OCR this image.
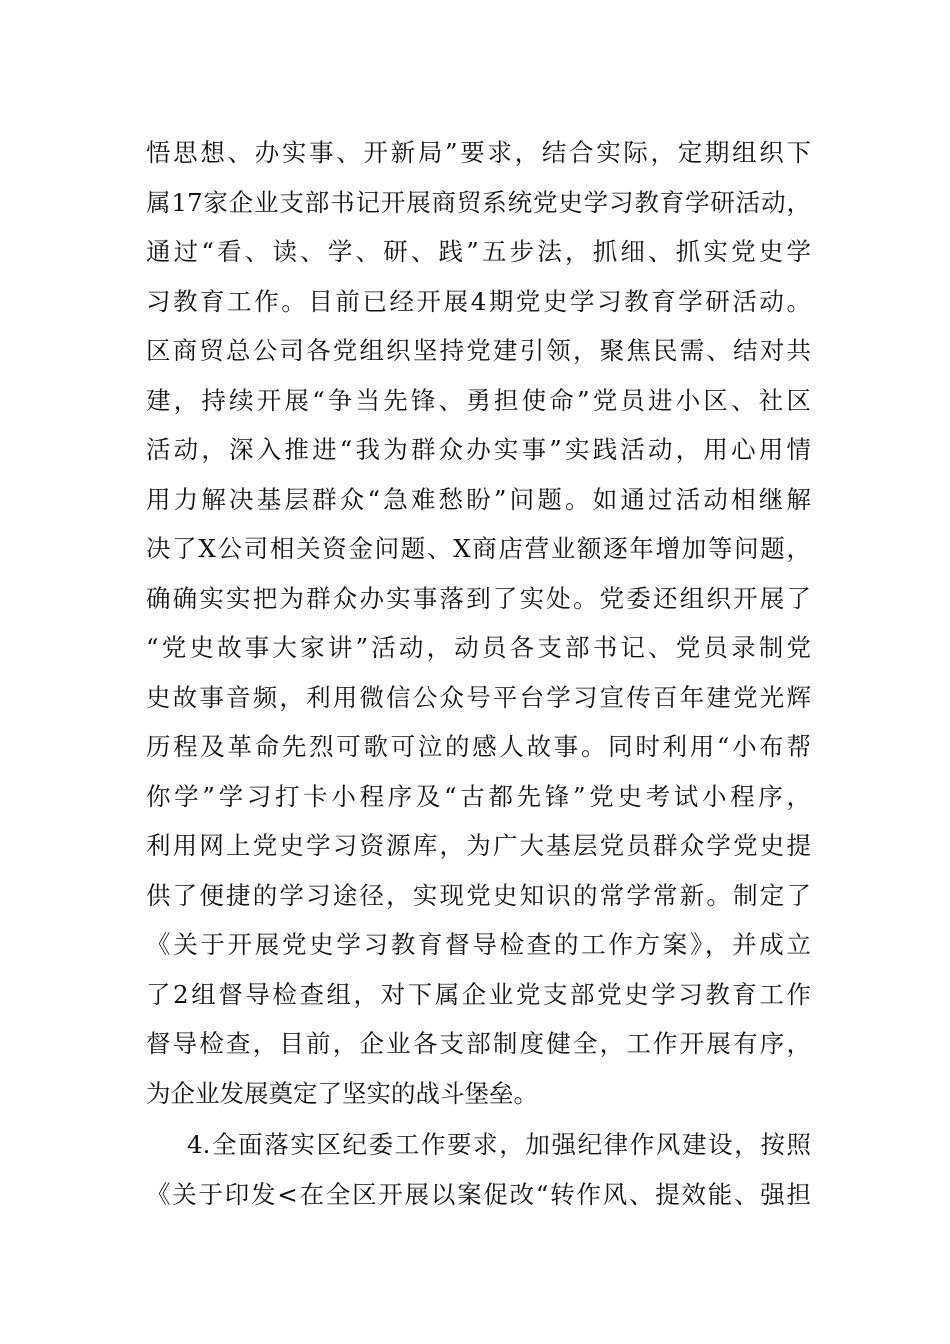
悟思想、办实事、开新局”要求，结合实际，定期组织下
属17家企业支部书记开展商贸系统党史学习教育学研活动，
通过“看、读、学、研、践”五步法，抓细、抓实党史学
习教育工作。目前已经开展4期党史学习教育学研活动。
区商贸总公司各党组织坚持党建引领，聚焦民需、结对共
建，持续开展“争当先锋、勇担使命”党员进小区、社区
活动，深入推进“我为群众办实事”实践活动，用心用情
用力解决基层群众“急难愁盼”问题。如通过活动相继解
决了X公司相关资金问题、X商店营业额逐年增加等问题，
确确实实把为群众办实事落到了实处。党委还组织开展了
“党史故事大家讲”活动，动员各支部书记、党员录制党
史故事音频，利用微信公众号平台学习宣传百年建党光辉
历程及革命先烈可歌可泣的感人故事。同时利用“小布帮
你学”学习打卡小程序及“古都先锋”党史考试小程序，
利用网上党史学习资源库，为广大基层党员群众学党史提
供了便捷的学习途径，实现党史知识的常学常新。制定了
《关于开展党史学习教育督导检查的工作方案》，并成立
了2组督导检查组，对下属企业党支部党史学习教育工作
督导检查，目前，企业各支部制度健全，工作开展有序，
为企业发展奠定了坚实的战斗堡垒。
4.全面落实区纪委工作要求，加强纪律作风建设，按照
《关于印发<在全区开展以案促改“转作风、提效能、强担
